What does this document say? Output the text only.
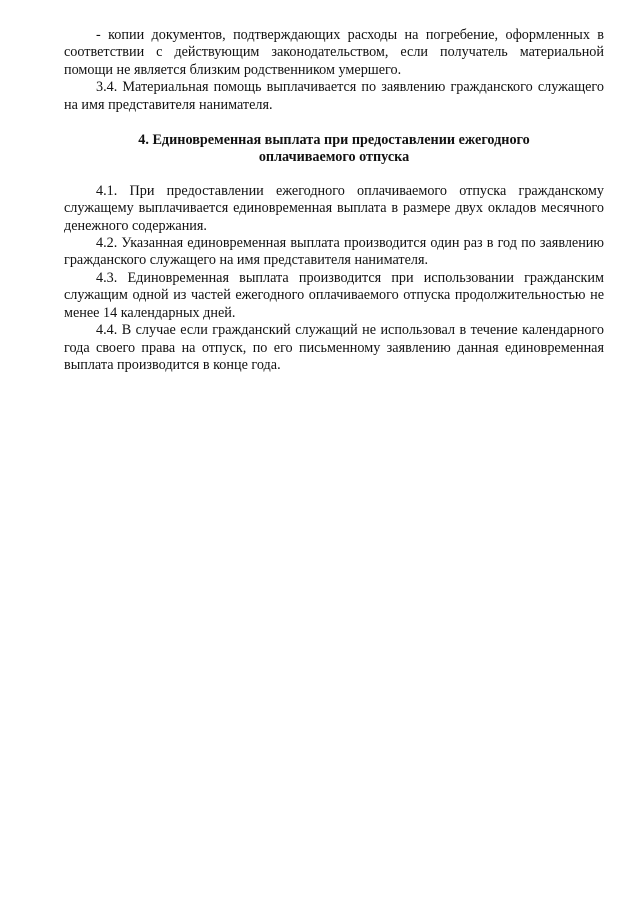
- копии документов, подтверждающих расходы на погребение, оформленных в соответствии с действующим законодательством, если получатель материальной помощи не является близким родственником умершего.

3.4. Материальная помощь выплачивается по заявлению гражданского служащего на имя представителя нанимателя.

4. Единовременная выплата при предоставлении ежегодного
оплачиваемого отпуска

4.1. При предоставлении ежегодного оплачиваемого отпуска гражданскому служащему выплачивается единовременная выплата в размере двух окладов месячного денежного содержания.

4.2. Указанная единовременная выплата производится один раз в год по заявлению гражданского служащего на имя представителя нанимателя.

4.3. Единовременная выплата производится при использовании гражданским служащим одной из частей ежегодного оплачиваемого отпуска продолжительностью не менее 14 календарных дней.

4.4. В случае если гражданский служащий не использовал в течение календарного года своего права на отпуск, по его письменному заявлению данная единовременная выплата производится в конце года.
